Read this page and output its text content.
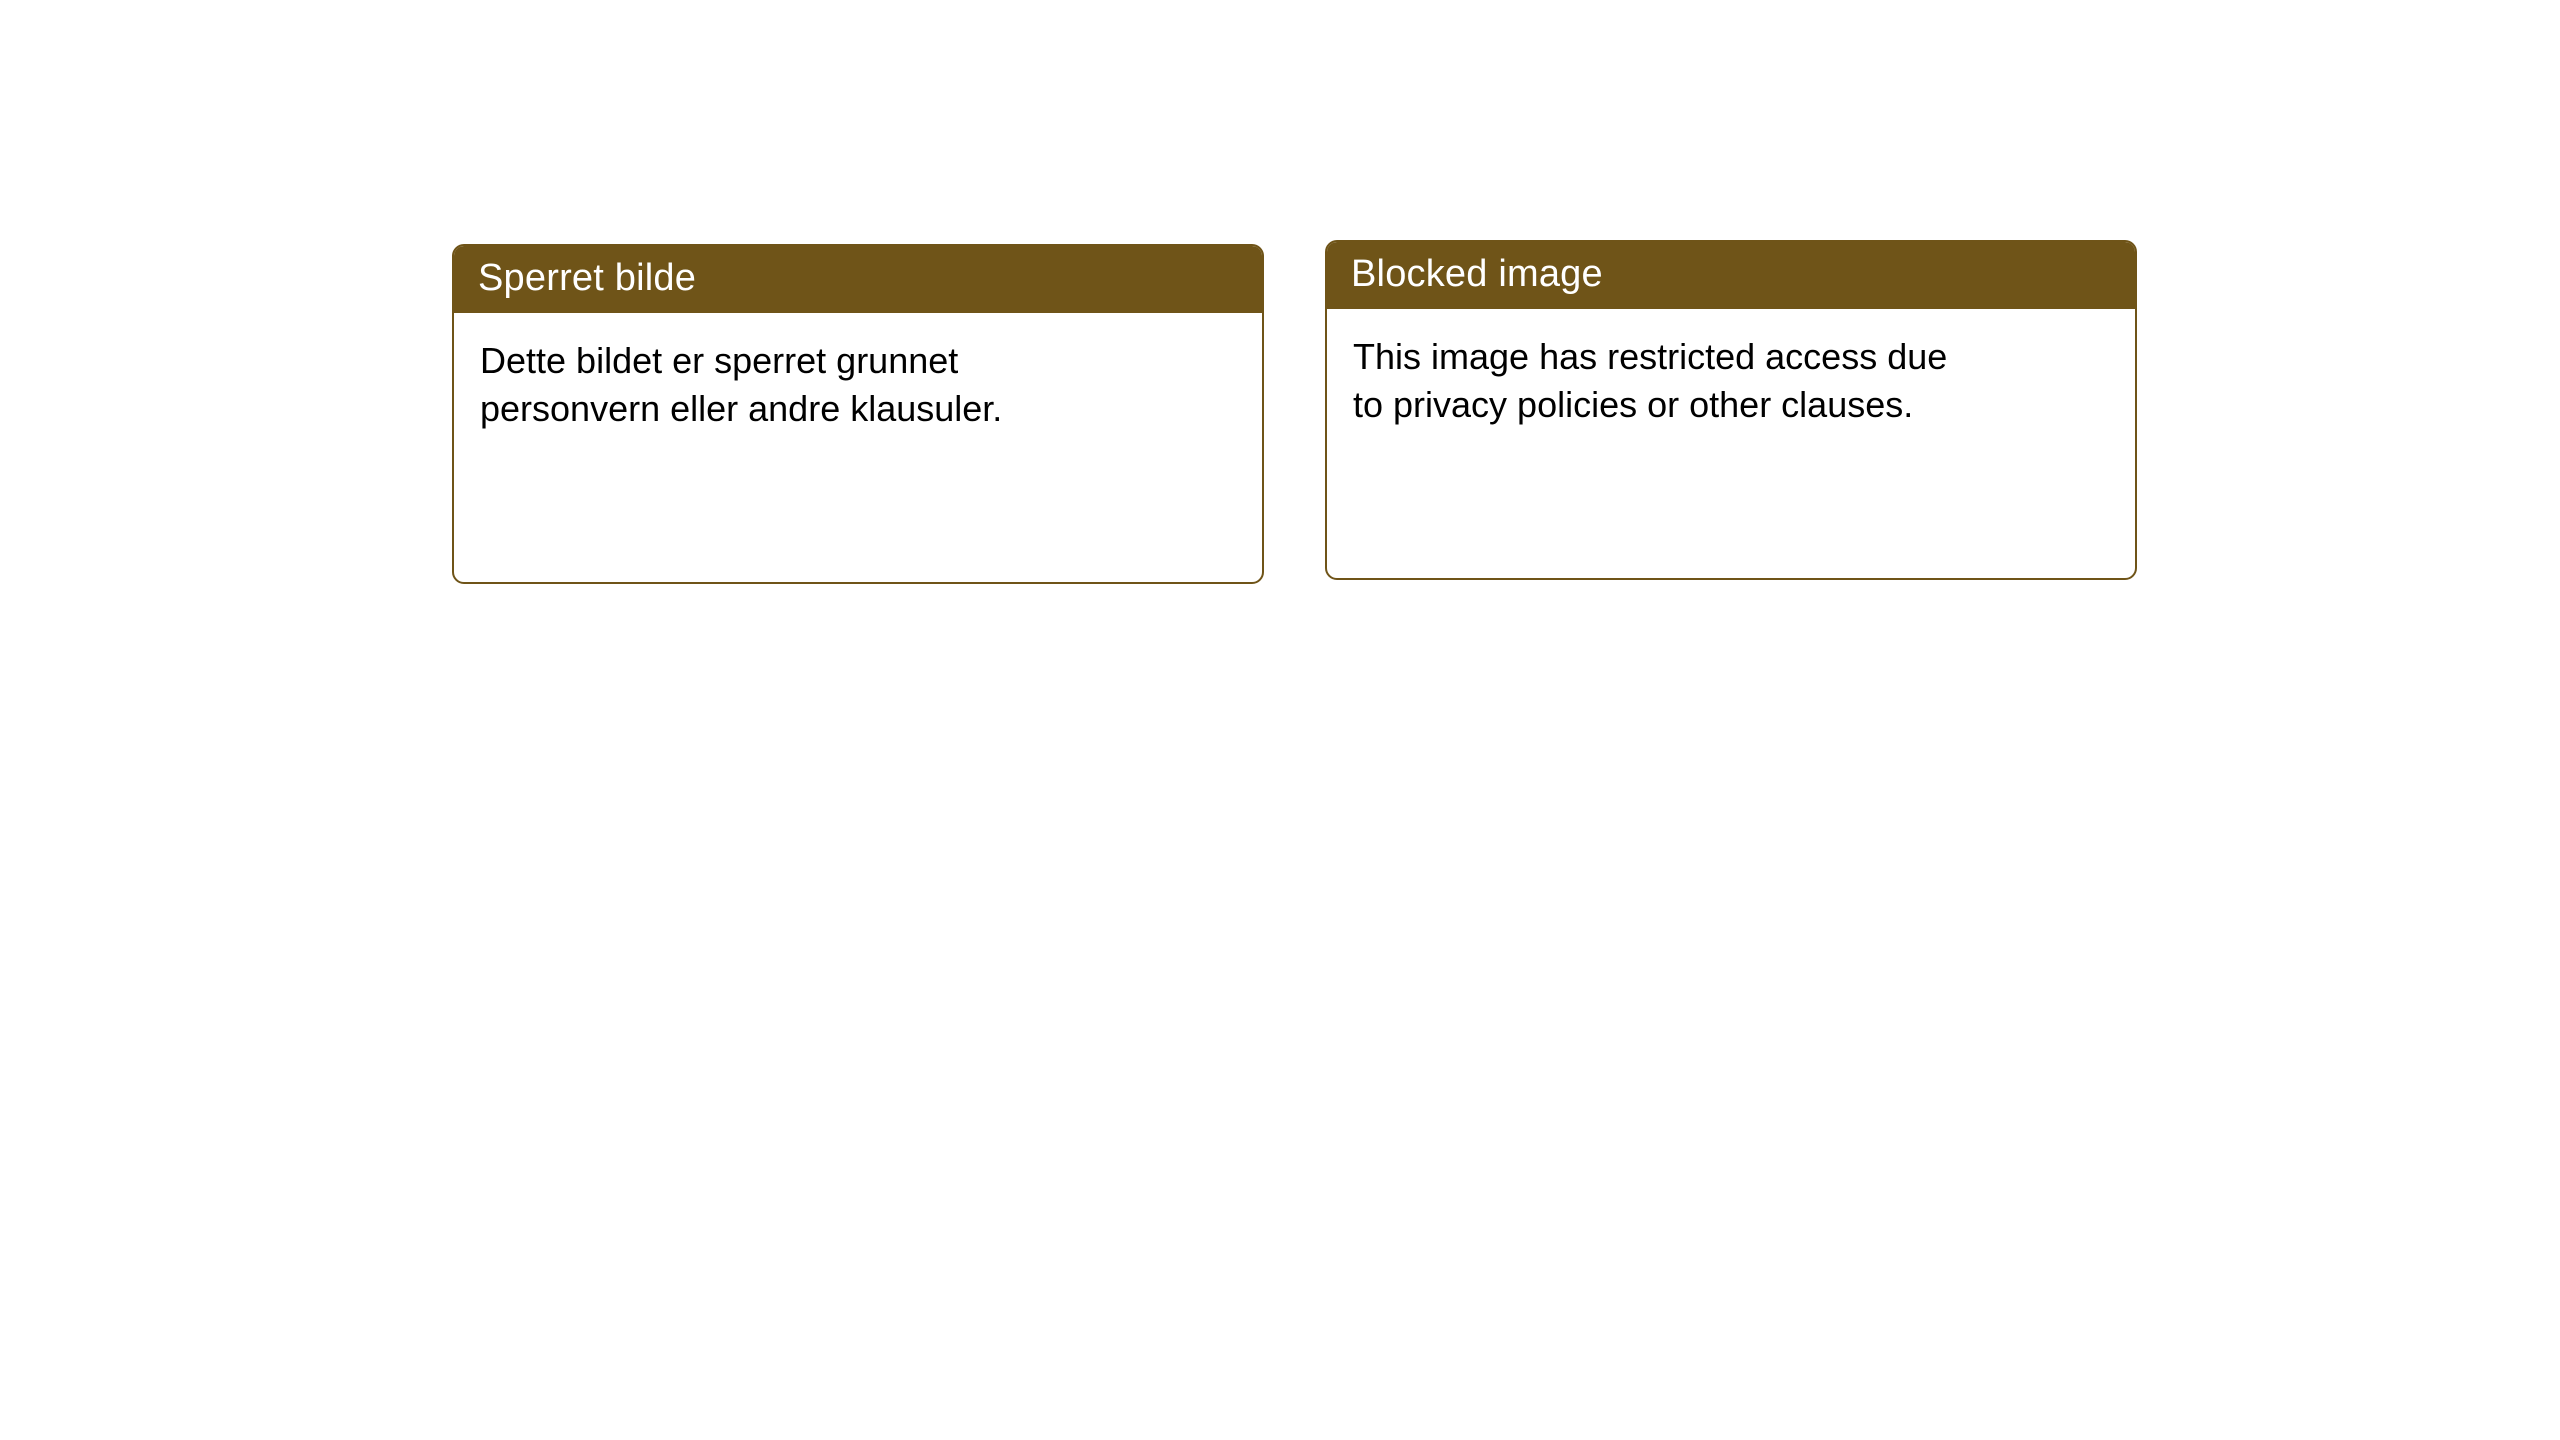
Sperret bilde
Dette bildet er sperret grunnet personvern eller andre klausuler.
Blocked image
This image has restricted access due to privacy policies or other clauses.
